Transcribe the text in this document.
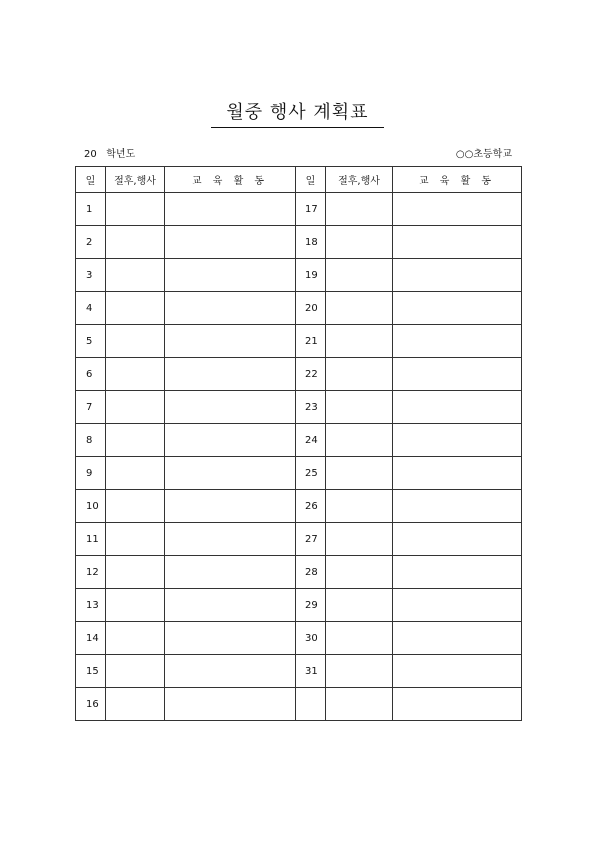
월중 행사 계획표
20   학년도	○○초등학교
일	절후,행사	교 육 활 동	일	절후,행사	교 육 활 동
1			17		
2			18		
3			19		
4			20		
5			21		
6			22		
7			23		
8			24		
9			25		
10			26		
11			27		
12			28		
13			29		
14			30		
15			31		
16					
